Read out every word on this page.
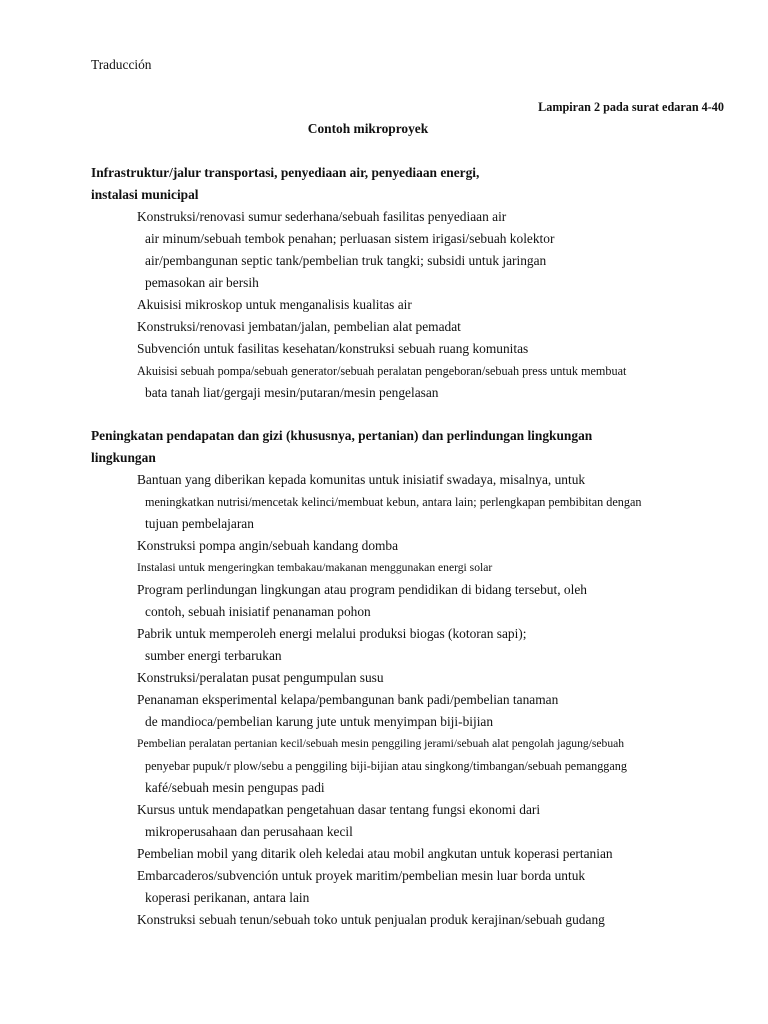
Traducción
Lampiran 2 pada surat edaran 4-40
Contoh mikroproyek

Infrastruktur/jalur transportasi, penyediaan air, penyediaan energi,
instalasi municipal

Konstruksi/renovasi sumur sederhana/sebuah fasilitas penyediaan air
air minum/sebuah tembok penahan; perluasan sistem irigasi/sebuah kolektor
air/pembangunan septic tank/pembelian truk tangki; subsidi untuk jaringan
pemasokan air bersih
Akuisisi mikroskop untuk menganalisis kualitas air
Konstruksi/renovasi jembatan/jalan, pembelian alat pemadat
Subvención untuk fasilitas kesehatan/konstruksi sebuah ruang komunitas
Akuisisi sebuah pompa/sebuah generator/sebuah peralatan pengeboran/sebuah press untuk membuat
bata tanah liat/gergaji mesin/putaran/mesin pengelasan

Peningkatan pendapatan dan gizi (khususnya, pertanian) dan perlindungan lingkungan
lingkungan

Bantuan yang diberikan kepada komunitas untuk inisiatif swadaya, misalnya, untuk
meningkatkan nutrisi/mencetak kelinci/membuat kebun, antara lain; perlengkapan pembibitan dengan
tujuan pembelajaran
Konstruksi pompa angin/sebuah kandang domba
Instalasi untuk mengeringkan tembakau/makanan menggunakan energi solar
Program perlindungan lingkungan atau program pendidikan di bidang tersebut, oleh
contoh, sebuah inisiatif penanaman pohon
Pabrik untuk memperoleh energi melalui produksi biogas (kotoran sapi);
sumber energi terbarukan
Konstruksi/peralatan pusat pengumpulan susu
Penanaman eksperimental kelapa/pembangunan bank padi/pembelian tanaman
de mandioca/pembelian karung jute untuk menyimpan biji-bijian
Pembelian peralatan pertanian kecil/sebuah mesin penggiling jerami/sebuah alat pengolah jagung/sebuah
penyebar pupuk/r plow/sebu a penggiling biji-bijian atau singkong/timbangan/sebuah pemanggang
kafé/sebuah mesin pengupas padi
Kursus untuk mendapatkan pengetahuan dasar tentang fungsi ekonomi dari
mikroperusahaan dan perusahaan kecil
Pembelian mobil yang ditarik oleh keledai atau mobil angkutan untuk koperasi pertanian
Embarcaderos/subvención untuk proyek maritim/pembelian mesin luar borda untuk
koperasi perikanan, antara lain
Konstruksi sebuah tenun/sebuah toko untuk penjualan produk kerajinan/sebuah gudang
